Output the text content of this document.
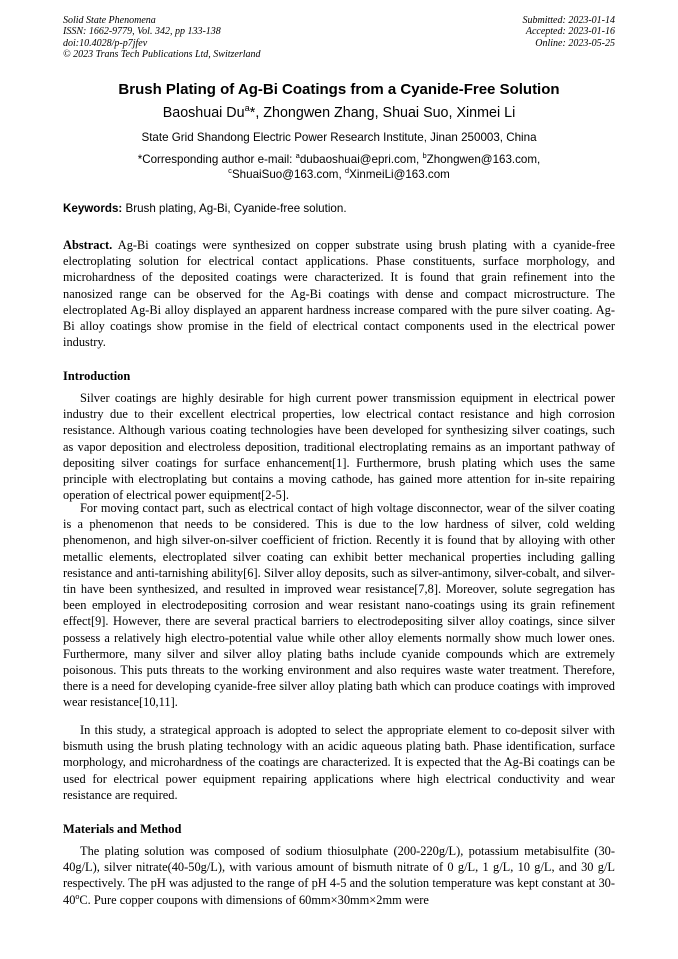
Solid State Phenomena
ISSN: 1662-9779, Vol. 342, pp 133-138
doi:10.4028/p-p7jfev
© 2023 Trans Tech Publications Ltd, Switzerland
Submitted: 2023-01-14
Accepted: 2023-01-16
Online: 2023-05-25
Brush Plating of Ag-Bi Coatings from a Cyanide-Free Solution
Baoshuai Du$^a$*, Zhongwen Zhang, Shuai Suo, Xinmei Li
State Grid Shandong Electric Power Research Institute, Jinan 250003, China
*Corresponding author e-mail: $^a$dubaoshuai@epri.com, $^b$Zhongwen@163.com,
$^c$ShuaiSuo@163.com, $^d$XinmeiLi@163.com
Keywords: Brush plating, Ag-Bi, Cyanide-free solution.

Abstract. Ag-Bi coatings were synthesized on copper substrate using brush plating with a cyanide-free electroplating solution for electrical contact applications. Phase constituents, surface morphology, and microhardness of the deposited coatings were characterized. It is found that grain refinement into the nanosized range can be observed for the Ag-Bi coatings with dense and compact microstructure. The electroplated Ag-Bi alloy displayed an apparent hardness increase compared with the pure silver coating. Ag-Bi alloy coatings show promise in the field of electrical contact components used in the electrical power industry.

Introduction

Silver coatings are highly desirable for high current power transmission equipment in electrical power industry due to their excellent electrical properties, low electrical contact resistance and high corrosion resistance. Although various coating technologies have been developed for synthesizing silver coatings, such as vapor deposition and electroless deposition, traditional electroplating remains as an important pathway of depositing silver coatings for surface enhancement[1]. Furthermore, brush plating which uses the same principle with electroplating but contains a moving cathode, has gained more attention for in-site repairing operation of electrical power equipment[2-5].

For moving contact part, such as electrical contact of high voltage disconnector, wear of the silver coating is a phenomenon that needs to be considered. This is due to the low hardness of silver, cold welding phenomenon, and high silver-on-silver coefficient of friction. Recently it is found that by alloying with other metallic elements, electroplated silver coating can exhibit better mechanical properties including galling resistance and anti-tarnishing ability[6]. Silver alloy deposits, such as silver-antimony, silver-cobalt, and silver-tin have been synthesized, and resulted in improved wear resistance[7,8]. Moreover, solute segregation has been employed in electrodepositing corrosion and wear resistant nano-coatings using its grain refinement effect[9]. However, there are several practical barriers to electrodepositing silver alloy coatings, since silver possess a relatively high electro-potential value while other alloy elements normally show much lower ones. Furthermore, many silver and silver alloy plating baths include cyanide compounds which are extremely poisonous. This puts threats to the working environment and also requires waste water treatment. Therefore, there is a need for developing cyanide-free silver alloy plating bath which can produce coatings with improved wear resistance[10,11].

In this study, a strategical approach is adopted to select the appropriate element to co-deposit silver with bismuth using the brush plating technology with an acidic aqueous plating bath. Phase identification, surface morphology, and microhardness of the coatings are characterized. It is expected that the Ag-Bi coatings can be used for electrical power equipment repairing applications where high electrical conductivity and wear resistance are required.

Materials and Method

The plating solution was composed of sodium thiosulphate (200-220g/L), potassium metabisulfite (30-40g/L), silver nitrate(40-50g/L), with various amount of bismuth nitrate of 0 g/L, 1 g/L, 10 g/L, and 30 g/L respectively. The pH was adjusted to the range of pH 4-5 and the solution temperature was kept constant at 30-40$^o$C. Pure copper coupons with dimensions of 60mm×30mm×2mm were
